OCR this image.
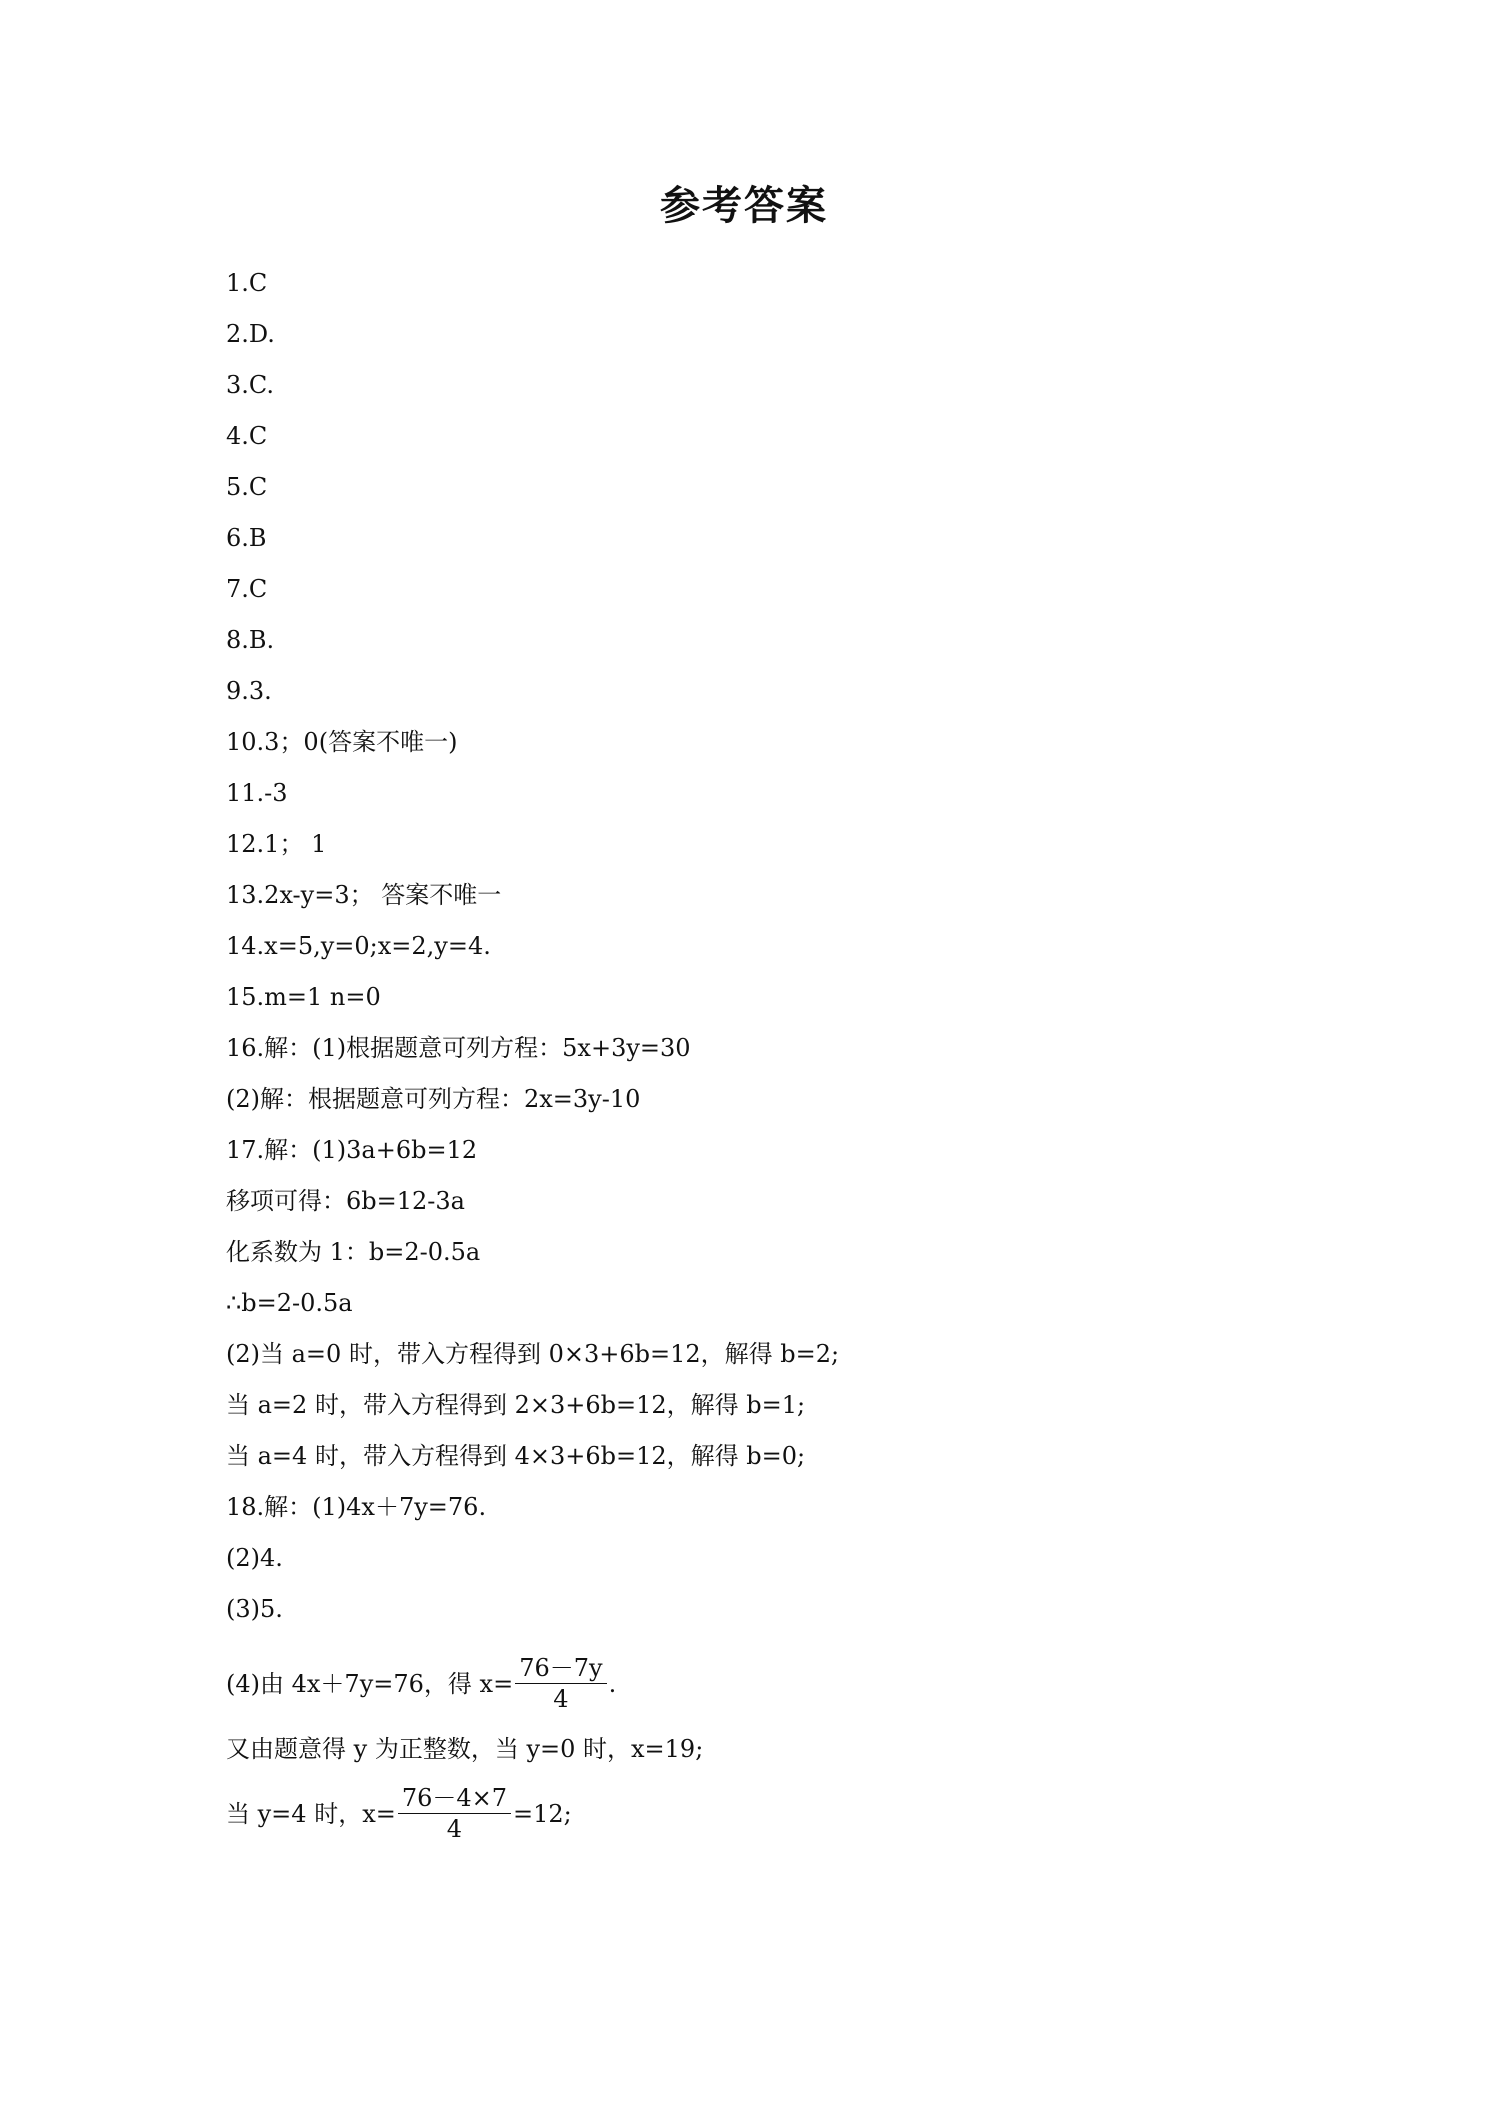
参考答案
1.C
2.D.
3.C.
4.C
5.C
6.B
7.C
8.B.
9.3.
10.3；0(答案不唯一)
11.-3
12.1； 1
13.2x-y=3； 答案不唯一
14.x=5,y=0;x=2,y=4.
15.m=1 n=0
16.解：(1)根据题意可列方程：5x+3y=30
(2)解：根据题意可列方程：2x=3y-10
17.解：(1)3a+6b=12
移项可得：6b=12-3a
化系数为 1：b=2-0.5a
∴b=2-0.5a
(2)当 a=0 时，带入方程得到 0×3+6b=12，解得 b=2;
当 a=2 时，带入方程得到 2×3+6b=12，解得 b=1;
当 a=4 时，带入方程得到 4×3+6b=12，解得 b=0;
18.解：(1)4x＋7y=76.
(2)4.
(3)5.
(4)由 4x＋7y=76，得 $x= \frac{76-7y}{4}$ .
又由题意得 y 为正整数，当 y=0 时，x=19;
当 y=4 时，$x= \frac{76-4\times 7}{4} =12$;
